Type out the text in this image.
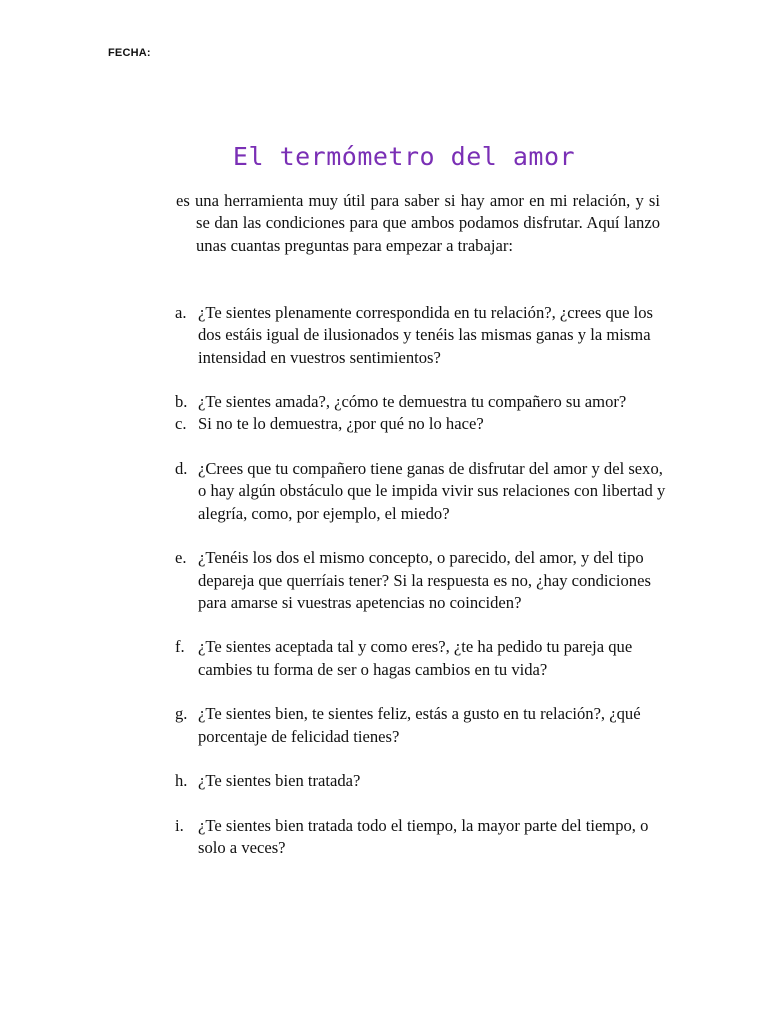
FECHA:
El termómetro del amor

es una herramienta muy útil para saber si hay amor en mi relación, y si se dan las condiciones para que ambos podamos disfrutar. Aquí lanzo unas cuantas preguntas para empezar a trabajar:

a. ¿Te sientes plenamente correspondida en tu relación?, ¿crees que los dos estáis igual de ilusionados y tenéis las mismas ganas y la misma intensidad en vuestros sentimientos?
b. ¿Te sientes amada?, ¿cómo te demuestra tu compañero su amor?
c. Si no te lo demuestra, ¿por qué no lo hace?
d. ¿Crees que tu compañero tiene ganas de disfrutar del amor y del sexo, o hay algún obstáculo que le impida vivir sus relaciones con libertad y alegría, como, por ejemplo, el miedo?
e. ¿Tenéis los dos el mismo concepto, o parecido, del amor, y del tipo depareja que querríais tener? Si la respuesta es no, ¿hay condiciones para amarse si vuestras apetencias no coinciden?
f. ¿Te sientes aceptada tal y como eres?, ¿te ha pedido tu pareja que cambies tu forma de ser o hagas cambios en tu vida?
g. ¿Te sientes bien, te sientes feliz, estás a gusto en tu relación?, ¿qué porcentaje de felicidad tienes?
h. ¿Te sientes bien tratada?
i. ¿Te sientes bien tratada todo el tiempo, la mayor parte del tiempo, o solo a veces?
